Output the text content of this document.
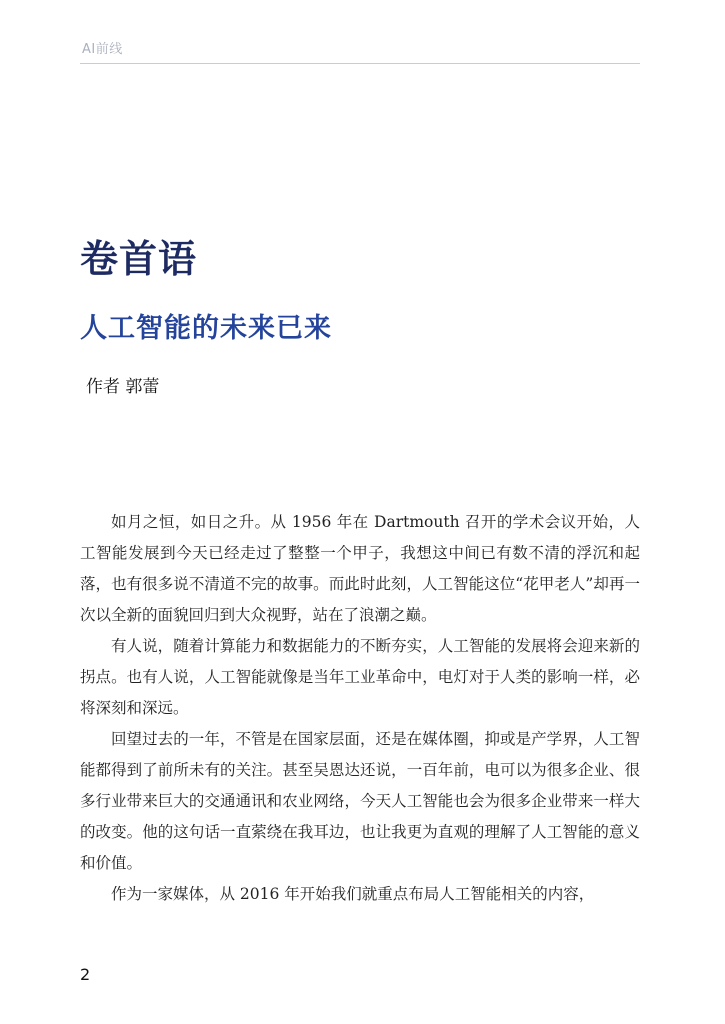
AI前线
卷首语
人工智能的未来已来
作者 郭蕾

如月之恒，如日之升。从 1956 年在 Dartmouth 召开的学术会议开始，人工智能发展到今天已经走过了整整一个甲子，我想这中间已有数不清的浮沉和起落，也有很多说不清道不完的故事。而此时此刻，人工智能这位“花甲老人”却再一次以全新的面貌回归到大众视野，站在了浪潮之巅。

有人说，随着计算能力和数据能力的不断夯实，人工智能的发展将会迎来新的拐点。也有人说，人工智能就像是当年工业革命中，电灯对于人类的影响一样，必将深刻和深远。

回望过去的一年，不管是在国家层面，还是在媒体圈，抑或是产学界，人工智能都得到了前所未有的关注。甚至吴恩达还说，一百年前，电可以为很多企业、很多行业带来巨大的交通通讯和农业网络，今天人工智能也会为很多企业带来一样大的改变。他的这句话一直萦绕在我耳边，也让我更为直观的理解了人工智能的意义和价值。

作为一家媒体，从 2016 年开始我们就重点布局人工智能相关的内容，

2
